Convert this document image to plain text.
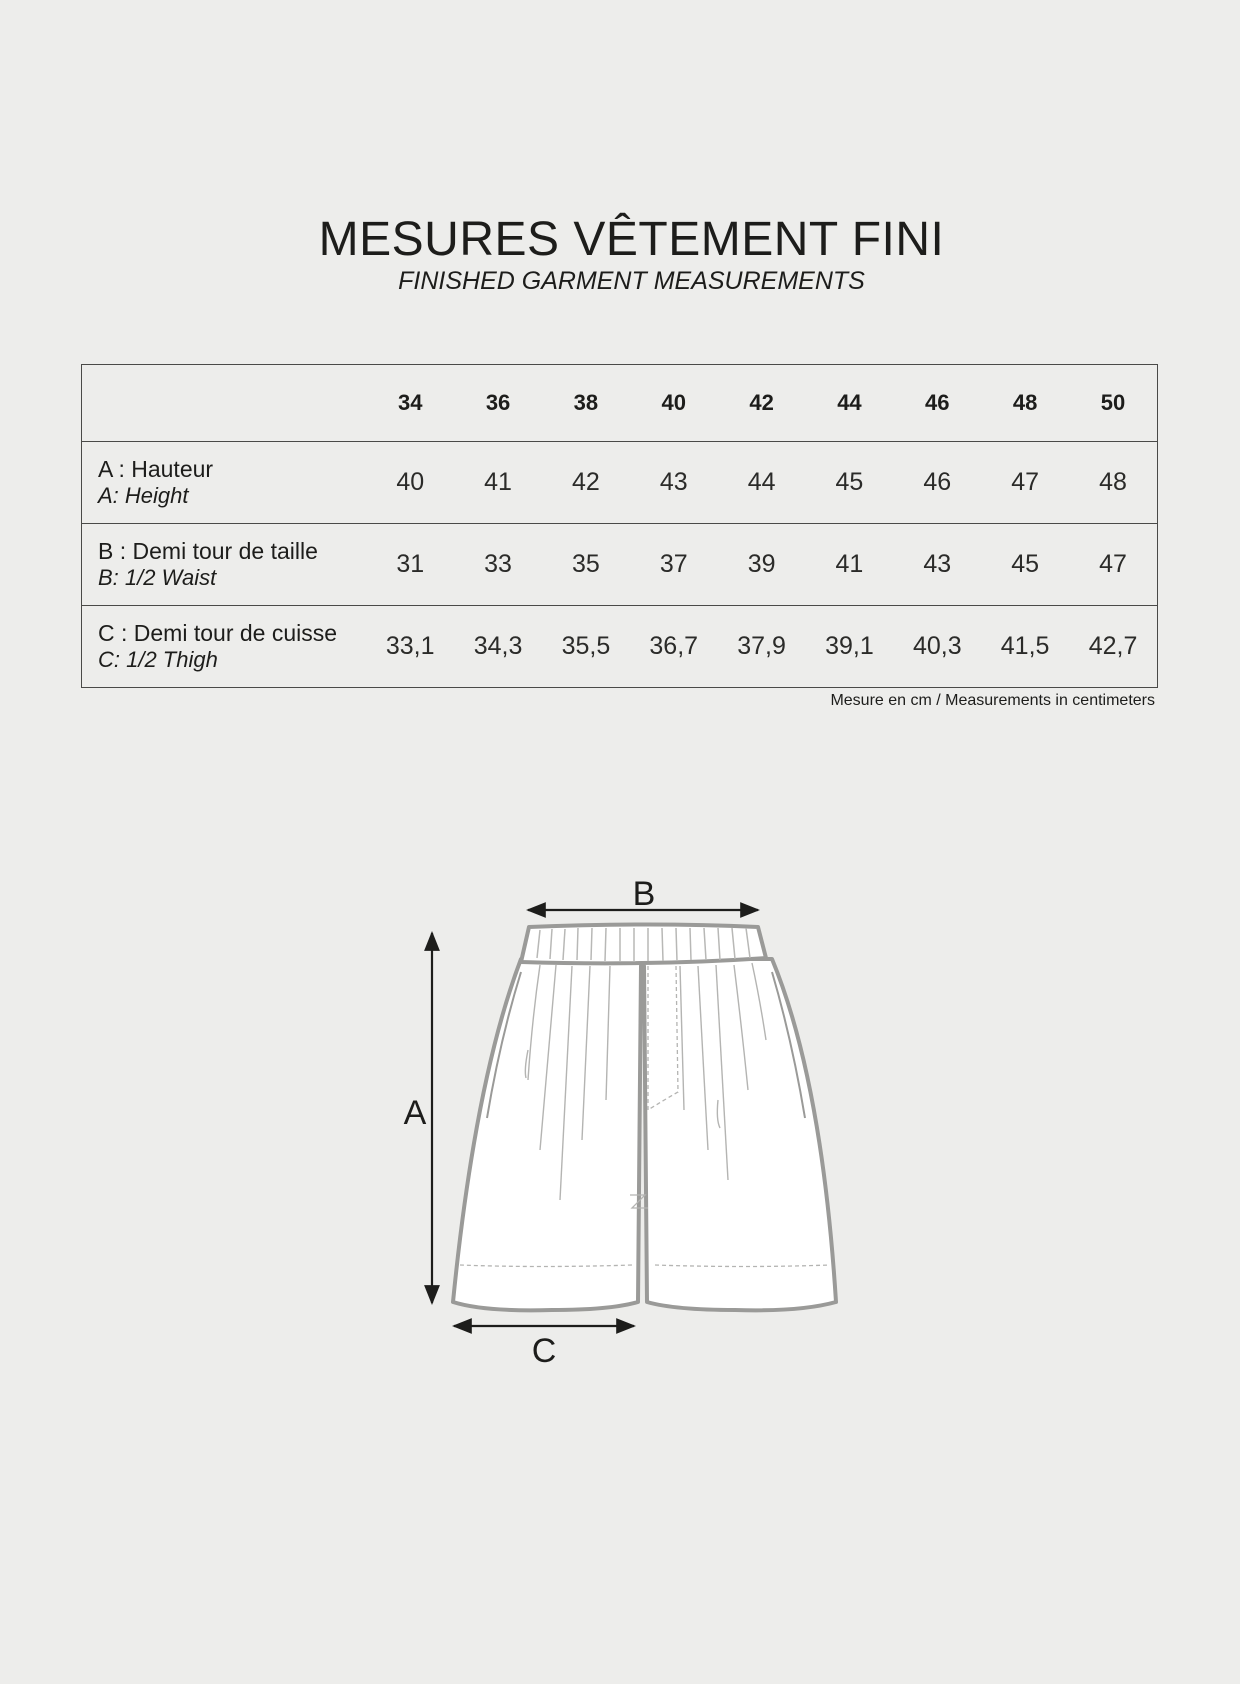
MESURES VÊTEMENT FINI

FINISHED GARMENT MEASUREMENTS

	34	36	38	40	42	44	46	48	50

A : Hauteur
A: Height	40	41	42	43	44	45	46	47	48

B : Demi tour de taille
B: 1/2 Waist	31	33	35	37	39	41	43	45	47

C : Demi tour de cuisse
C: 1/2 Thigh	33,1	34,3	35,5	36,7	37,9	39,1	40,3	41,5	42,7

Mesure en cm / Measurements in centimeters

A
B
C
